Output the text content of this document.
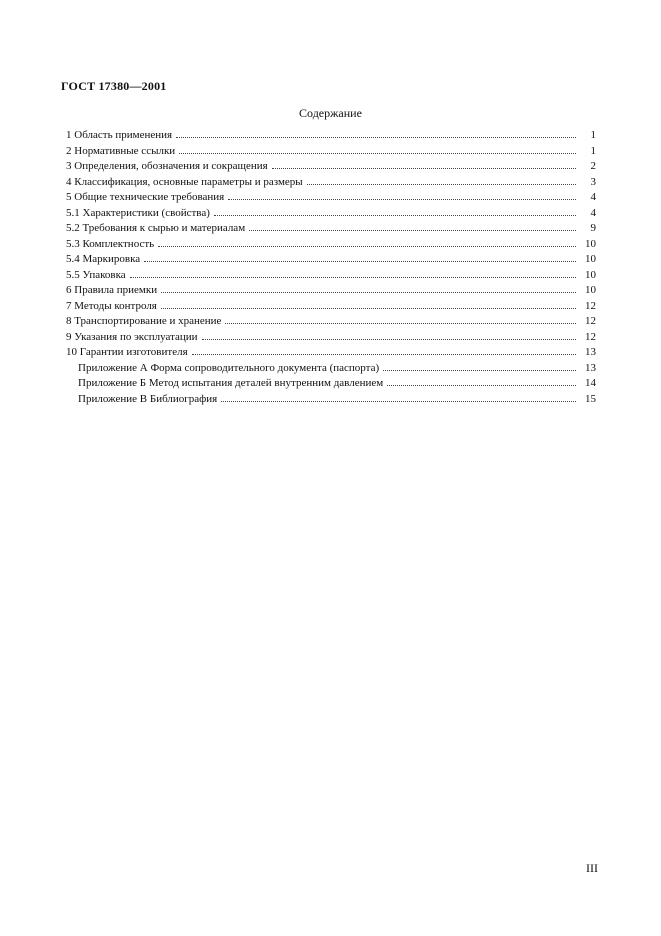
ГОСТ 17380—2001
Содержание
1 Область применения	1
2 Нормативные ссылки	1
3 Определения, обозначения и сокращения	2
4 Классификация, основные параметры и размеры	3
5 Общие технические требования	4
5.1 Характеристики (свойства)	4
5.2 Требования к сырью и материалам	9
5.3 Комплектность	10
5.4 Маркировка	10
5.5 Упаковка	10
6 Правила приемки	10
7 Методы контроля	12
8 Транспортирование и хранение	12
9 Указания по эксплуатации	12
10 Гарантии изготовителя	13
Приложение А Форма сопроводительного документа (паспорта)	13
Приложение Б Метод испытания деталей внутренним давлением	14
Приложение В Библиография	15
III
